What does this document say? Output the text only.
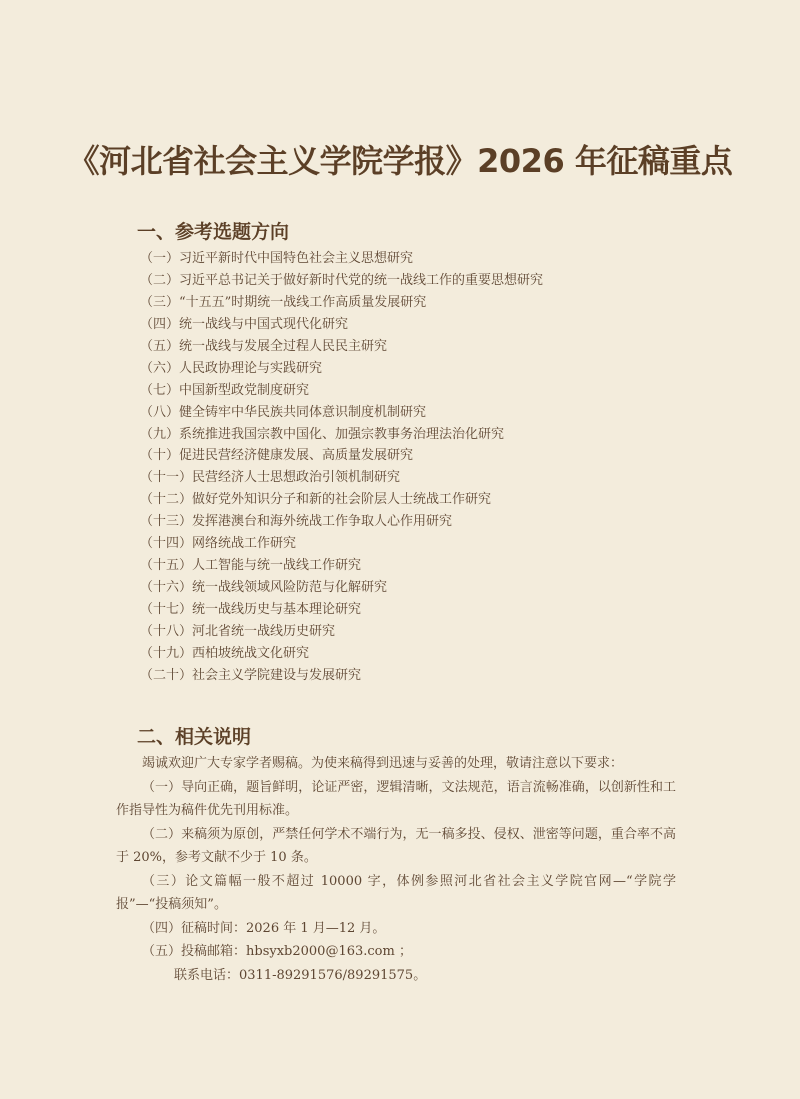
《河北省社会主义学院学报》2026 年征稿重点
一、参考选题方向
（一）习近平新时代中国特色社会主义思想研究
（二）习近平总书记关于做好新时代党的统一战线工作的重要思想研究
（三）“十五五”时期统一战线工作高质量发展研究
（四）统一战线与中国式现代化研究
（五）统一战线与发展全过程人民民主研究
（六）人民政协理论与实践研究
（七）中国新型政党制度研究
（八）健全铸牢中华民族共同体意识制度机制研究
（九）系统推进我国宗教中国化、加强宗教事务治理法治化研究
（十）促进民营经济健康发展、高质量发展研究
（十一）民营经济人士思想政治引领机制研究
（十二）做好党外知识分子和新的社会阶层人士统战工作研究
（十三）发挥港澳台和海外统战工作争取人心作用研究
（十四）网络统战工作研究
（十五）人工智能与统一战线工作研究
（十六）统一战线领域风险防范与化解研究
（十七）统一战线历史与基本理论研究
（十八）河北省统一战线历史研究
（十九）西柏坡统战文化研究
（二十）社会主义学院建设与发展研究
二、相关说明

竭诚欢迎广大专家学者赐稿。为使来稿得到迅速与妥善的处理，敬请注意以下要求：

（一）导向正确，题旨鲜明，论证严密，逻辑清晰，文法规范，语言流畅准确，以创新性和工作指导性为稿件优先刊用标准。

（二）来稿须为原创，严禁任何学术不端行为，无一稿多投、侵权、泄密等问题，重合率不高于 20%，参考文献不少于 10 条。

（三）论文篇幅一般不超过 10000 字，体例参照河北省社会主义学院官网—“学院学报”—“投稿须知”。

（四）征稿时间：2026 年 1 月—12 月。

（五）投稿邮箱：hbsyxb2000@163.com ；

联系电话：0311-89291576/89291575。
